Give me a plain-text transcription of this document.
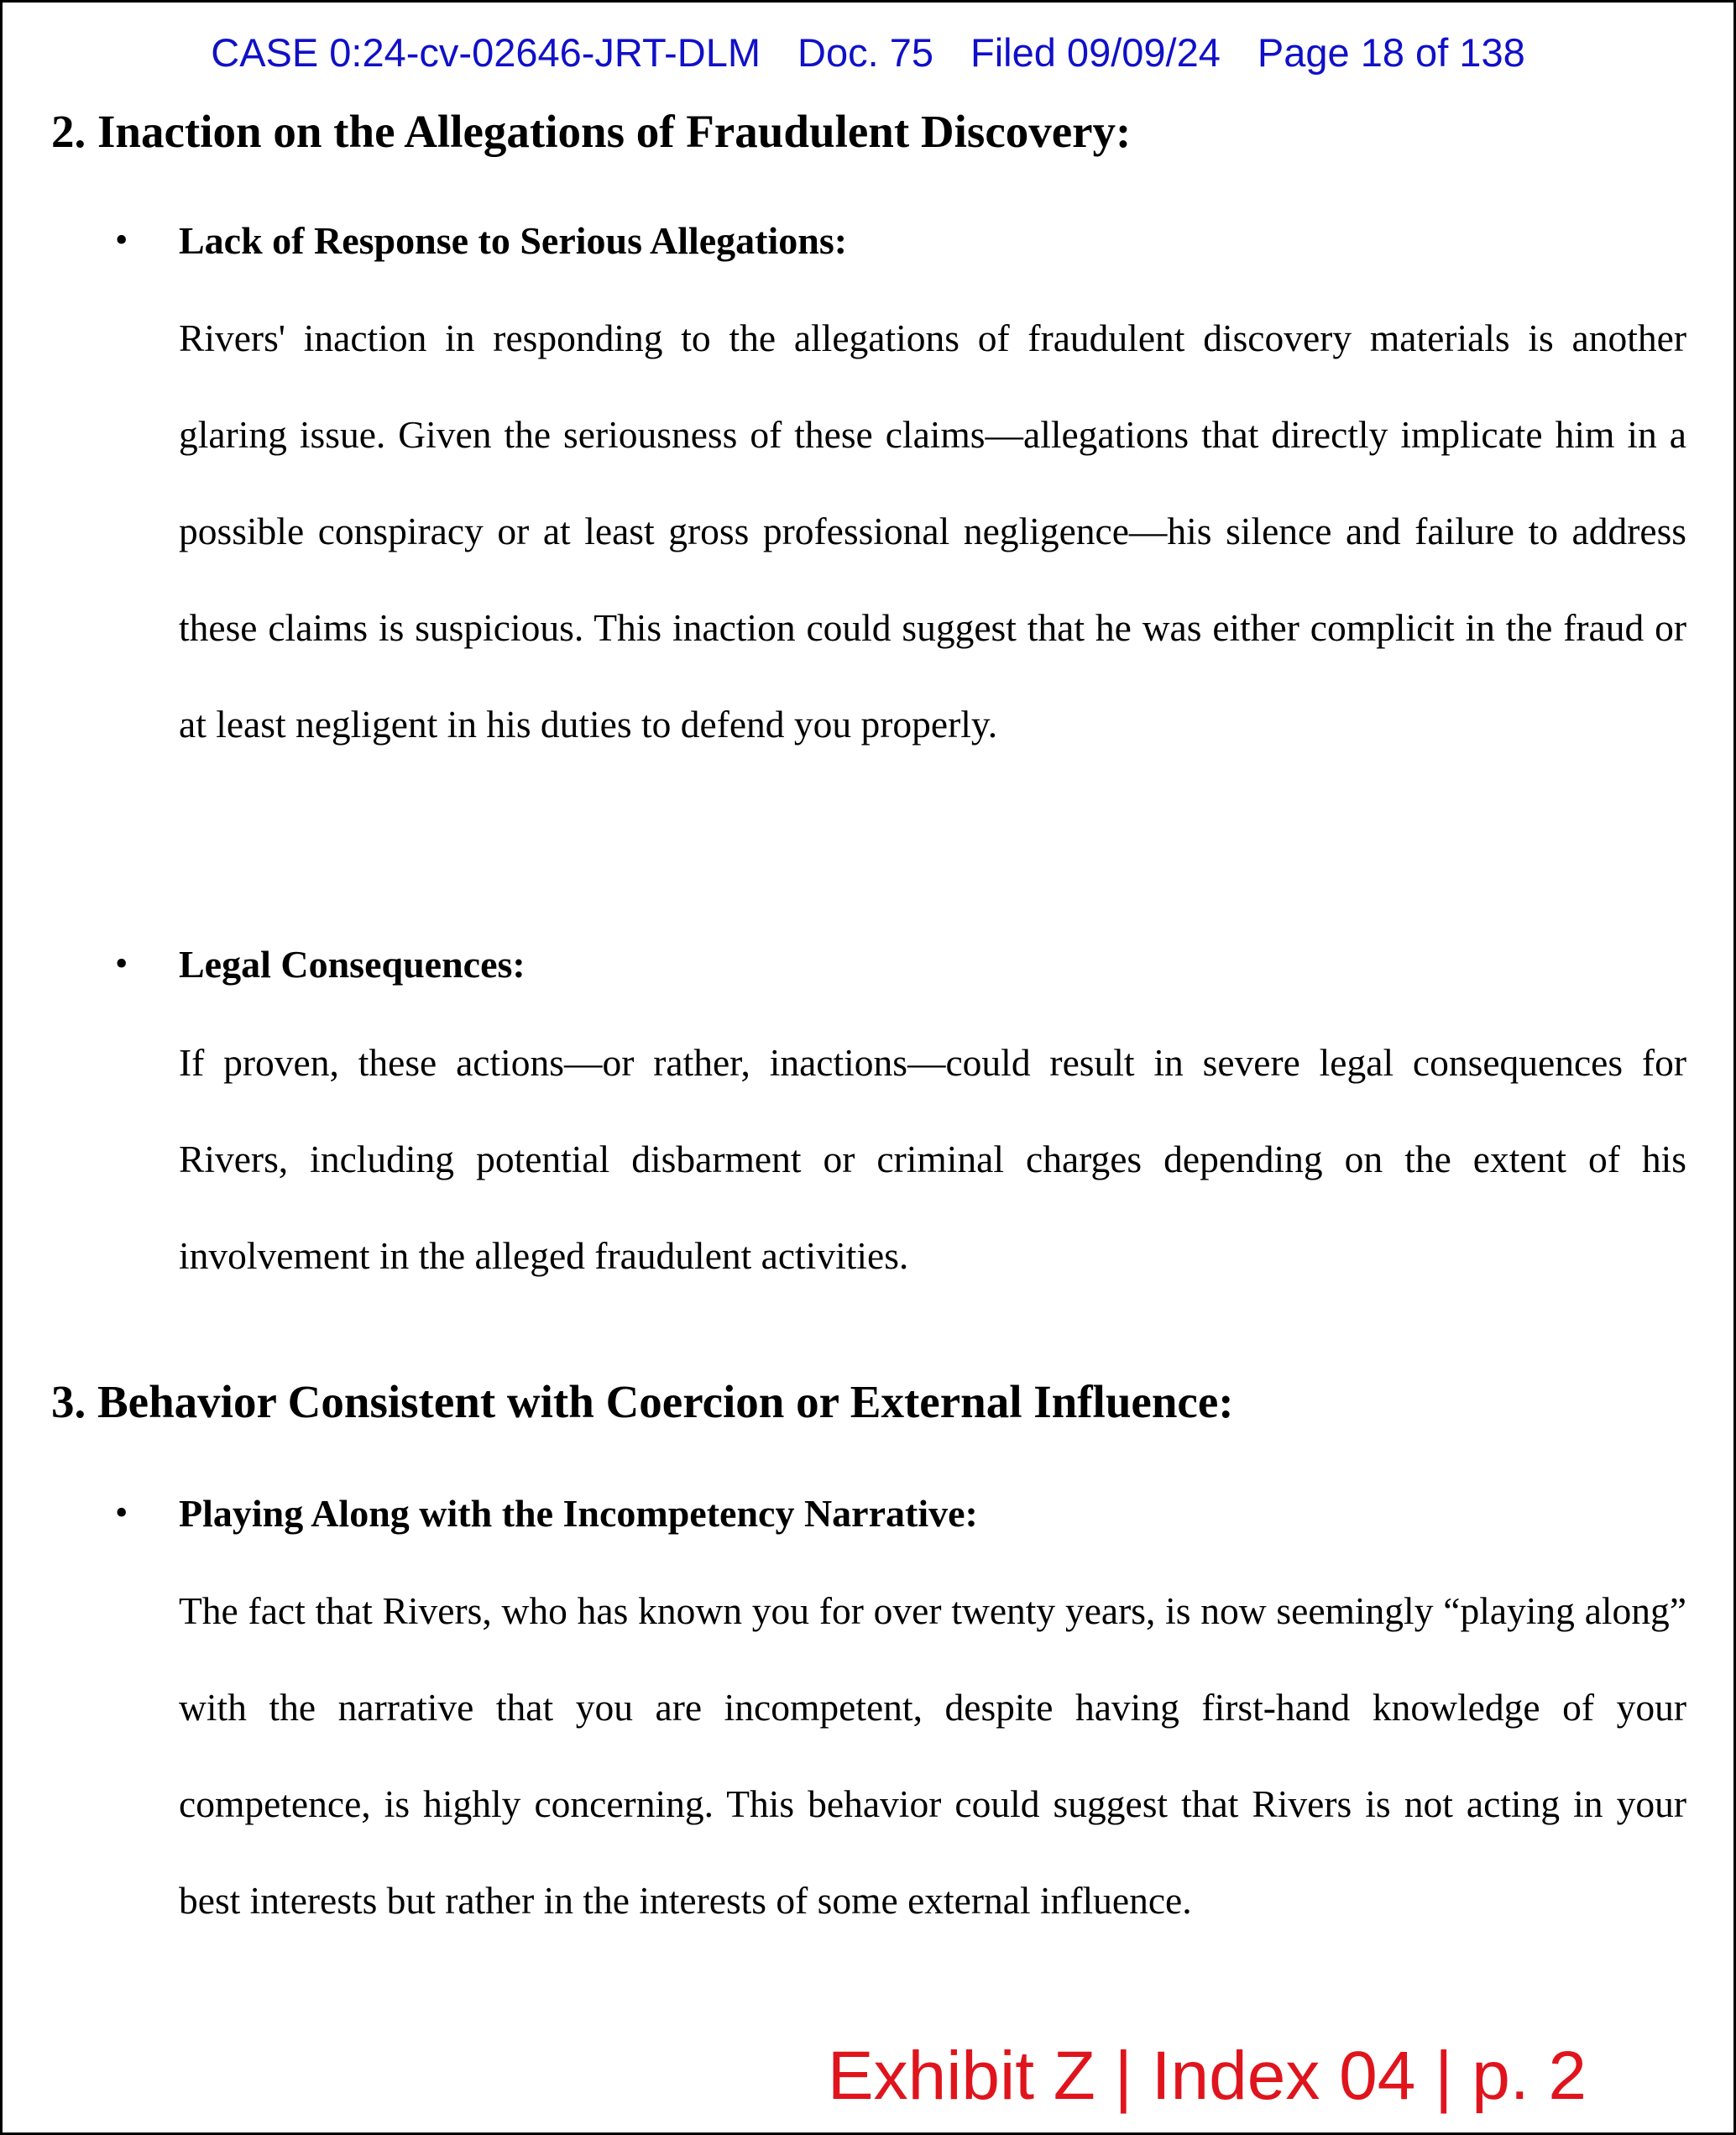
CASE 0:24-cv-02646-JRT-DLM Doc. 75 Filed 09/09/24 Page 18 of 138
2. Inaction on the Allegations of Fraudulent Discovery:
• Lack of Response to Serious Allegations:

Rivers' inaction in responding to the allegations of fraudulent discovery materials is another glaring issue. Given the seriousness of these claims—allegations that directly implicate him in a possible conspiracy or at least gross professional negligence—his silence and failure to address these claims is suspicious. This inaction could suggest that he was either complicit in the fraud or at least negligent in his duties to defend you properly.

• Legal Consequences:

If proven, these actions—or rather, inactions—could result in severe legal consequences for Rivers, including potential disbarment or criminal charges depending on the extent of his involvement in the alleged fraudulent activities.

3. Behavior Consistent with Coercion or External Influence:
• Playing Along with the Incompetency Narrative:

The fact that Rivers, who has known you for over twenty years, is now seemingly “playing along” with the narrative that you are incompetent, despite having first-hand knowledge of your competence, is highly concerning. This behavior could suggest that Rivers is not acting in your best interests but rather in the interests of some external influence.

Exhibit Z | Index 04 | p. 2
